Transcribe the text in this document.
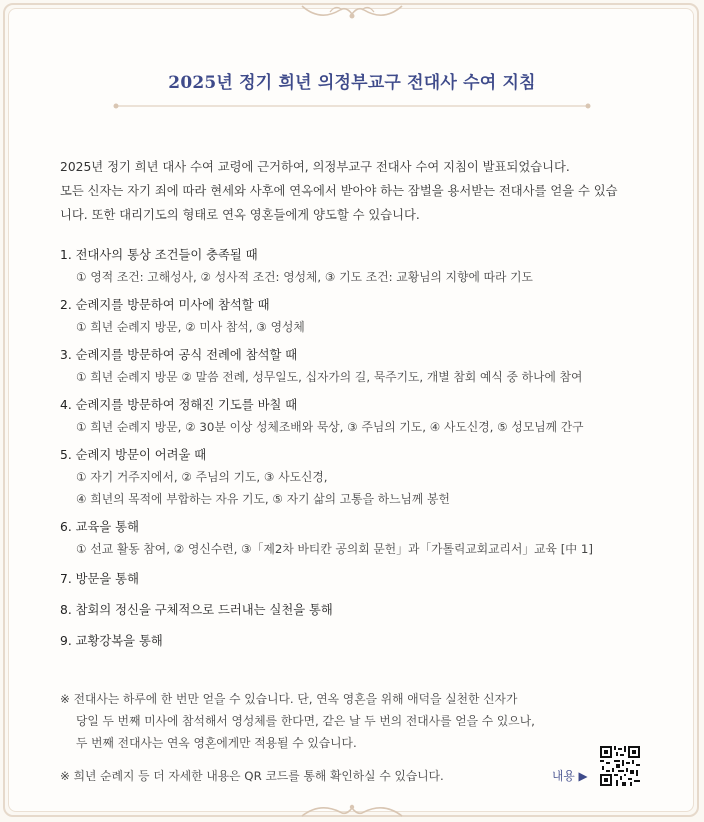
2025년 정기 희년 의정부교구 전대사 수여 지침

2025년 정기 희년 대사 수여 교령에 근거하여, 의정부교구 전대사 수여 지침이 발표되었습니다.

모든 신자는 자기 죄에 따라 현세와 사후에 연옥에서 받아야 하는 잠벌을 용서받는 전대사를 얻을 수 있습

니다. 또한 대리기도의 형태로 연옥 영혼들에게 양도할 수 있습니다.

1. 전대사의 통상 조건들이 충족될 때
① 영적 조건: 고해성사, ② 성사적 조건: 영성체, ③ 기도 조건: 교황님의 지향에 따라 기도
2. 순례지를 방문하여 미사에 참석할 때
① 희년 순례지 방문, ② 미사 참석, ③ 영성체
3. 순례지를 방문하여 공식 전례에 참석할 때
① 희년 순례지 방문 ② 말씀 전례, 성무일도, 십자가의 길, 묵주기도, 개별 참회 예식 중 하나에 참여
4. 순례지를 방문하여 정해진 기도를 바칠 때
① 희년 순례지 방문, ② 30분 이상 성체조배와 묵상, ③ 주님의 기도, ④ 사도신경, ⑤ 성모님께 간구
5. 순례지 방문이 어려울 때
① 자기 거주지에서, ② 주님의 기도, ③ 사도신경,
④ 희년의 목적에 부합하는 자유 기도, ⑤ 자기 삶의 고통을 하느님께 봉헌
6. 교육을 통해
① 선교 활동 참여, ② 영신수련, ③「제2차 바티칸 공의회 문헌」과「가톨릭교회교리서」교육 [中 1]
7. 방문을 통해
8. 참회의 정신을 구체적으로 드러내는 실천을 통해
9. 교황강복을 통해
※ 전대사는 하루에 한 번만 얻을 수 있습니다. 단, 연옥 영혼을 위해 애덕을 실천한 신자가
당일 두 번째 미사에 참석해서 영성체를 한다면, 같은 날 두 번의 전대사를 얻을 수 있으나,
두 번째 전대사는 연옥 영혼에게만 적용될 수 있습니다.
※ 희년 순례지 등 더 자세한 내용은 QR 코드를 통해 확인하실 수 있습니다.	내용 ▶
